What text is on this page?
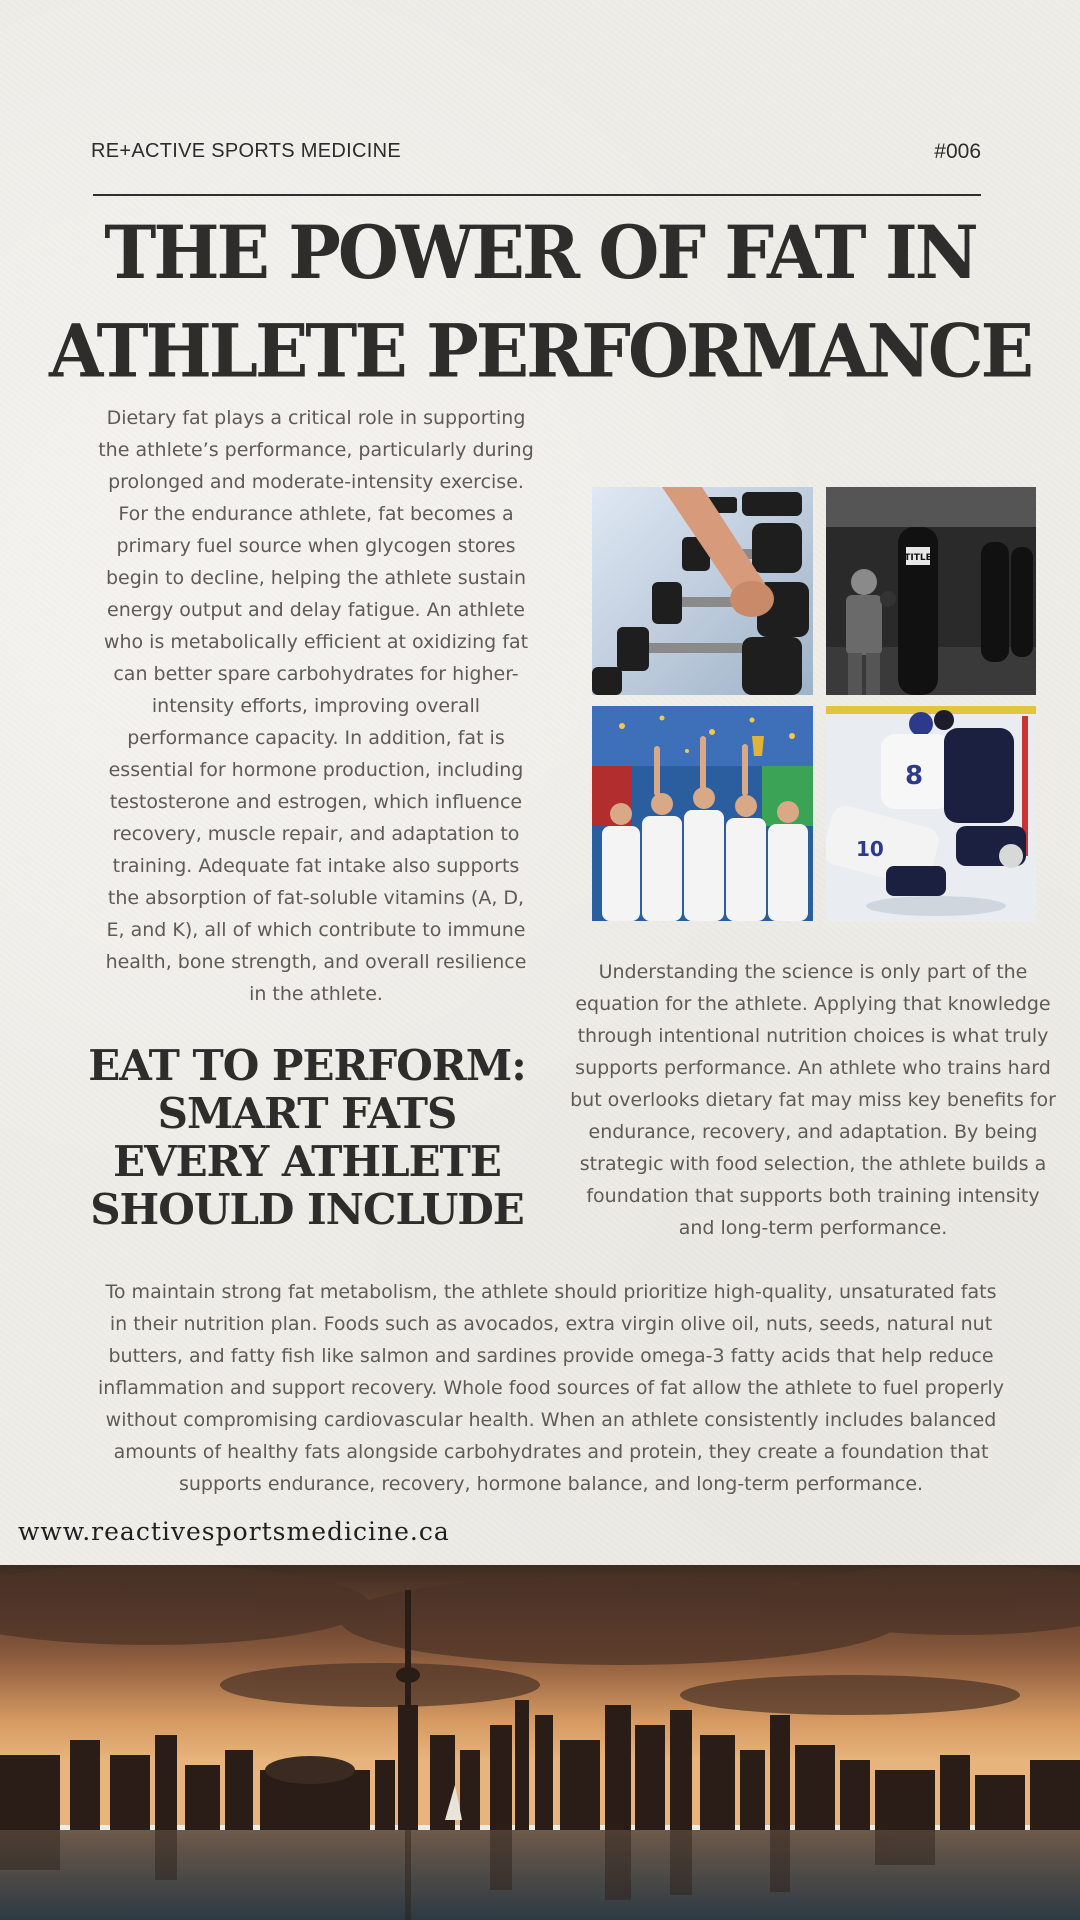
RE+ACTIVE SPORTS MEDICINE	#006
THE POWER OF FAT IN
ATHLETE PERFORMANCE

Dietary fat plays a critical role in supporting the athlete’s performance, particularly during prolonged and moderate-intensity exercise. For the endurance athlete, fat becomes a primary fuel source when glycogen stores begin to decline, helping the athlete sustain energy output and delay fatigue. An athlete who is metabolically efficient at oxidizing fat can better spare carbohydrates for higher-intensity efforts, improving overall performance capacity. In addition, fat is essential for hormone production, including testosterone and estrogen, which influence recovery, muscle repair, and adaptation to training. Adequate fat intake also supports the absorption of fat-soluble vitamins (A, D, E, and K), all of which contribute to immune health, bone strength, and overall resilience in the athlete.

EAT TO PERFORM: SMART FATS EVERY ATHLETE SHOULD INCLUDE
TITLE
8
10

Understanding the science is only part of the equation for the athlete. Applying that knowledge through intentional nutrition choices is what truly supports performance. An athlete who trains hard but overlooks dietary fat may miss key benefits for endurance, recovery, and adaptation. By being strategic with food selection, the athlete builds a foundation that supports both training intensity and long-term performance.

To maintain strong fat metabolism, the athlete should prioritize high-quality, unsaturated fats in their nutrition plan. Foods such as avocados, extra virgin olive oil, nuts, seeds, natural nut butters, and fatty fish like salmon and sardines provide omega-3 fatty acids that help reduce inflammation and support recovery. Whole food sources of fat allow the athlete to fuel properly without compromising cardiovascular health. When an athlete consistently includes balanced amounts of healthy fats alongside carbohydrates and protein, they create a foundation that supports endurance, recovery, hormone balance, and long-term performance.

www.reactivesportsmedicine.ca
